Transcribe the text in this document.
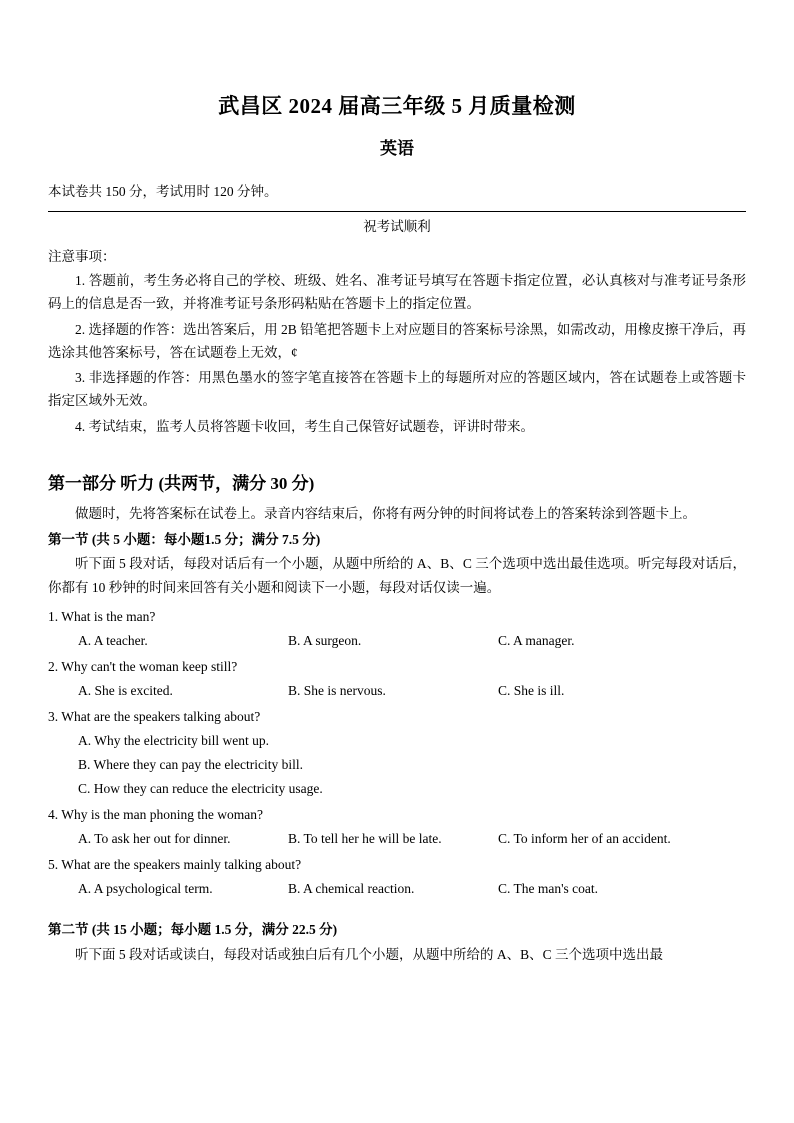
武昌区 2024 届高三年级 5 月质量检测
英语
本试卷共 150 分，考试用时 120 分钟。
祝考试顺利
注意事项：

1. 答题前，考生务必将自己的学校、班级、姓名、准考证号填写在答题卡指定位置，必认真核对与准考证号条形码上的信息是否一致，并将准考证号条形码粘贴在答题卡上的指定位置。

2. 选择题的作答：选出答案后，用 2B 铅笔把答题卡上对应题目的答案标号涂黑，如需改动，用橡皮擦干净后，再选涂其他答案标号，答在试题卷上无效，¢

3. 非选择题的作答：用黑色墨水的签字笔直接答在答题卡上的每题所对应的答题区域内，答在试题卷上或答题卡指定区域外无效。

4. 考试结束，监考人员将答题卡收回，考生自己保管好试题卷，评讲时带来。

第一部分 听力 (共两节，满分 30 分)

做题时，先将答案标在试卷上。录音内容结束后，你将有两分钟的时间将试卷上的答案转涂到答题卡上。

第一节 (共 5 小题：每小题1.5 分；满分 7.5 分)

听下面 5 段对话，每段对话后有一个小题，从题中所给的 A、B、C 三个选项中选出最佳选项。听完每段对话后，你都有 10 秒钟的时间来回答有关小题和阅读下一小题，每段对话仅读一遍。

1. What is the man?

A. A teacher.	B. A surgeon.	C. A manager.

2. Why can't the woman keep still?

A. She is excited.	B. She is nervous.	C. She is ill.

3. What are the speakers talking about?

A. Why the electricity bill went up.
B. Where they can pay the electricity bill.
C. How they can reduce the electricity usage.

4. Why is the man phoning the woman?

A. To ask her out for dinner.	B. To tell her he will be late.	C. To inform her of an accident.

5. What are the speakers mainly talking about?

A. A psychological term.	B. A chemical reaction.	C. The man's coat.
第二节 (共 15 小题；每小题 1.5 分，满分 22.5 分)

听下面 5 段对话或读白，每段对话或独白后有几个小题，从题中所给的 A、B、C 三个选项中选出最
